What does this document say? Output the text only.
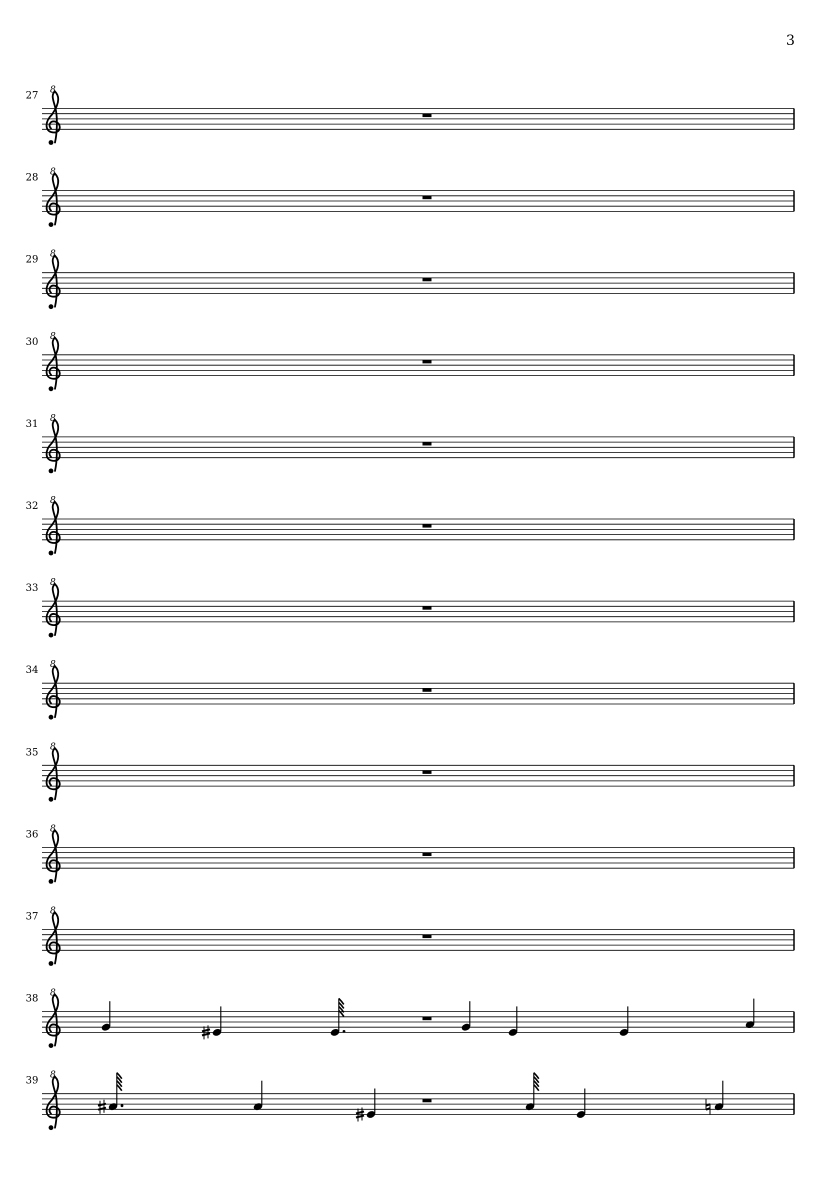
3
8
27
8
28
8
29
8
30
8
31
8
32
8
33
8
34
8
35
8
36
8
37
8
38
8
39
